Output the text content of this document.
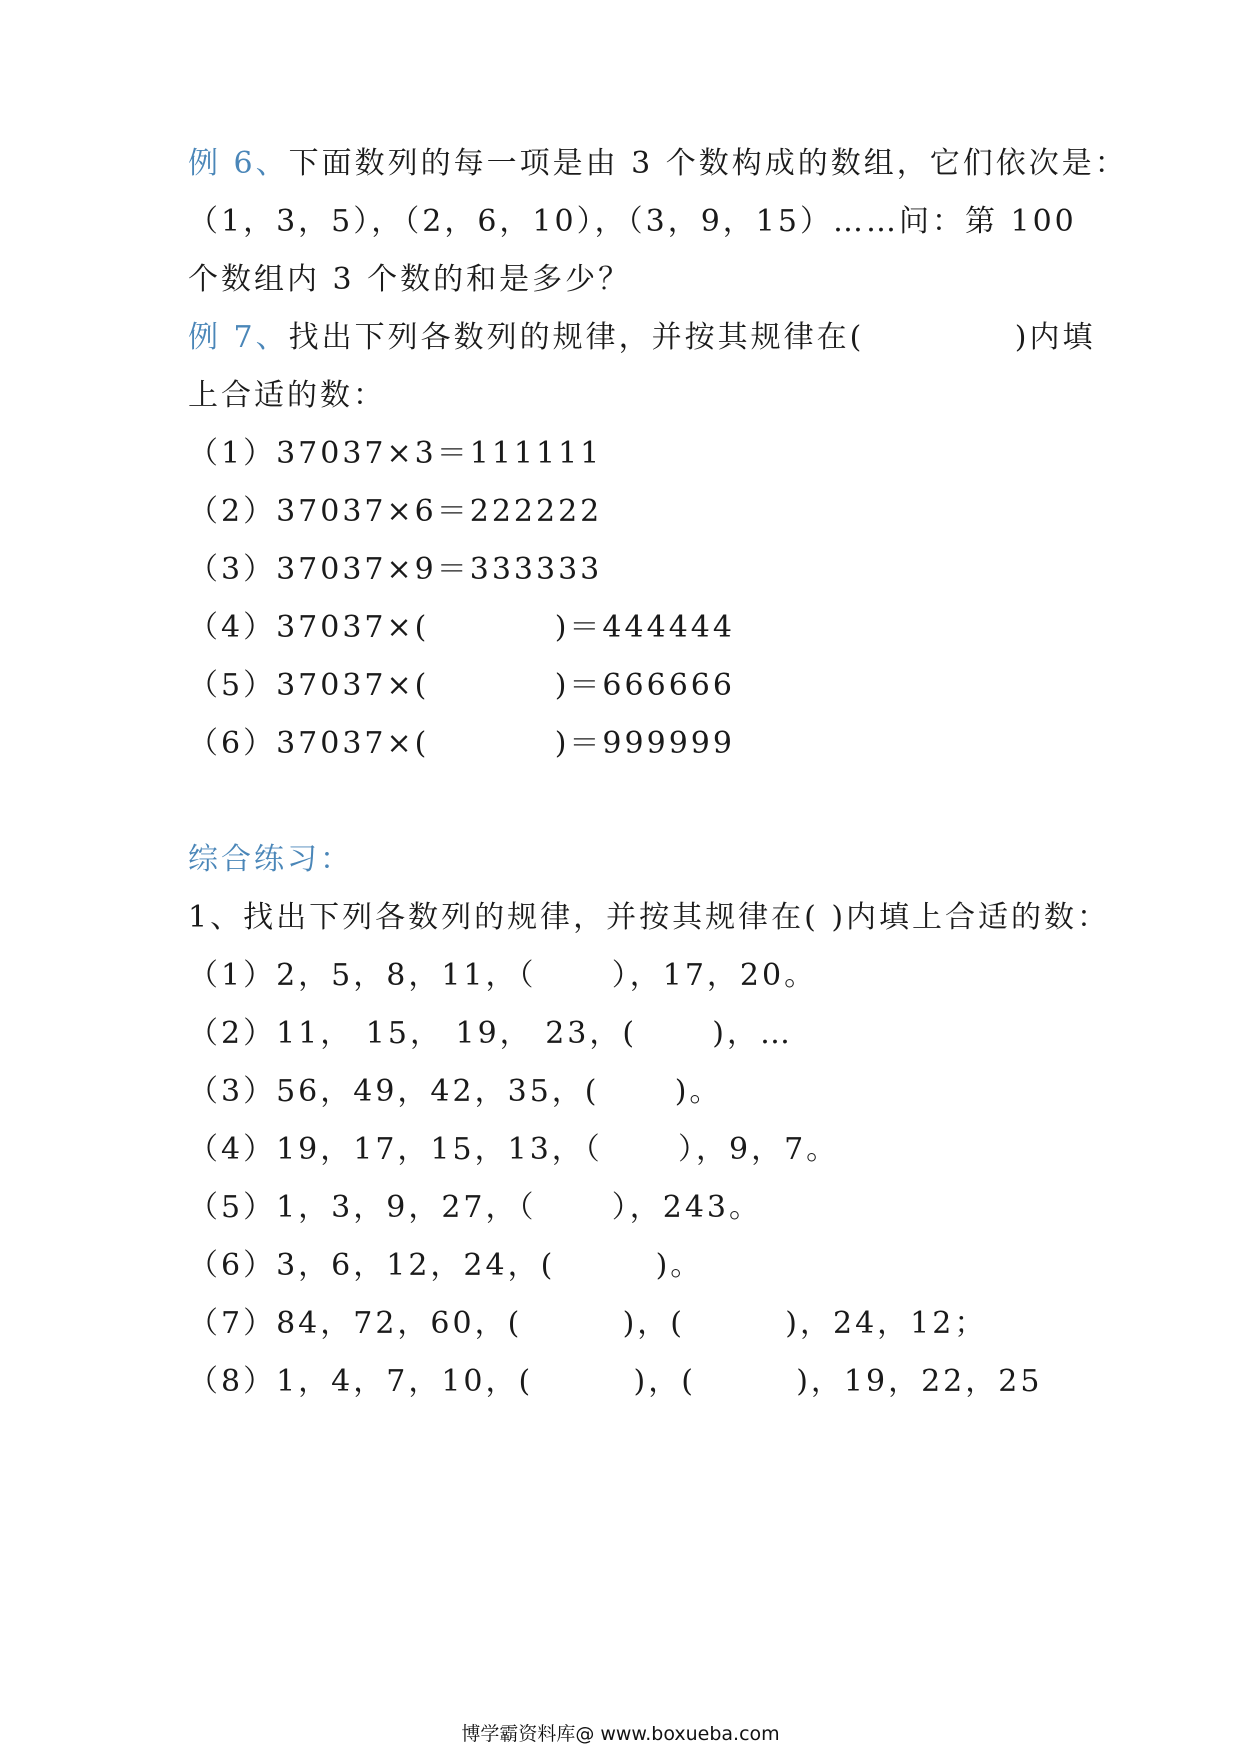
例 6、下面数列的每一项是由 3 个数构成的数组，它们依次是：
（1，3，5），（2，6，10），（3，9，15）……问：第 100
个数组内 3 个数的和是多少？
例 7、找出下列各数列的规律，并按其规律在(            )内填
上合适的数：
（1）37037×3＝111111
（2）37037×6＝222222
（3）37037×9＝333333
（4）37037×(          )＝444444
（5）37037×(          )＝666666
（6）37037×(          )＝999999
综合练习：
1、找出下列各数列的规律，并按其规律在( )内填上合适的数：
（1）2，5，8，11，（      ），17，20。
（2）11， 15， 19， 23，(      )，…
（3）56，49，42，35，(      )。
（4）19，17，15，13，（      ），9，7。
（5）1，3，9，27，（      ），243。
（6）3，6，12，24，(        )。
（7）84，72，60，(        )，(        )，24，12；
（8）1，4，7，10，(        )，(        )，19，22，25
博学霸资料库@ www.boxueba.com
